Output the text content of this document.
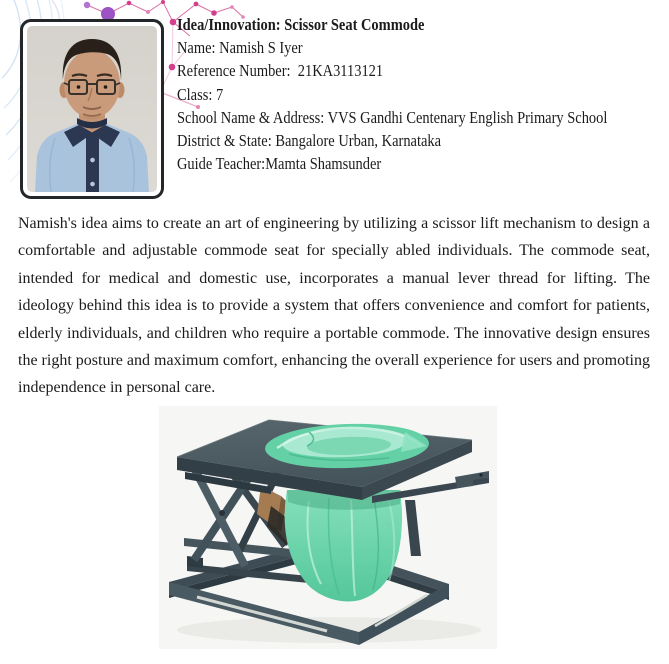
Idea/Innovation: Scissor Seat Commode
Name: Namish S Iyer
Reference Number:  21KA3113121
Class: 7
School Name & Address: VVS Gandhi Centenary English Primary School
District & State: Bangalore Urban, Karnataka
Guide Teacher:Mamta Shamsunder
Namish's idea aims to create an art of engineering by utilizing a scissor lift mechanism to design a comfortable and adjustable commode seat for specially abled individuals. The commode seat, intended for medical and domestic use, incorporates a manual lever thread for lifting. The ideology behind this idea is to provide a system that offers convenience and comfort for patients, elderly individuals, and children who require a portable commode. The innovative design ensures the right posture and maximum comfort, enhancing the overall experience for users and promoting independence in personal care.
